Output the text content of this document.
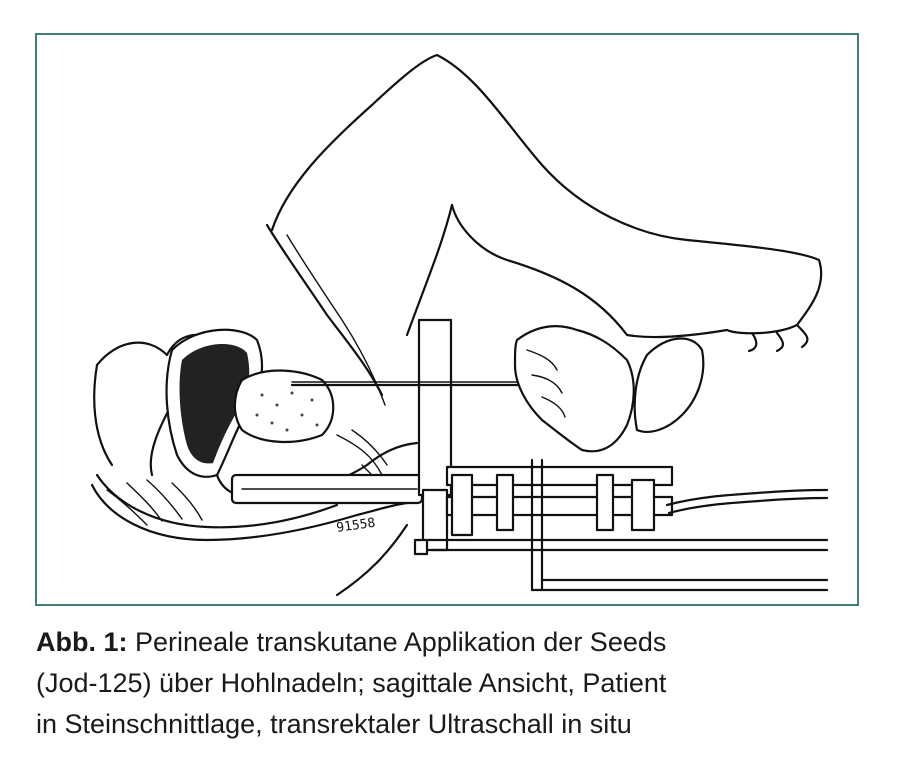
91558

Abb. 1: Perineale transkutane Applikation der Seeds
(Jod-125) über Hohlnadeln; sagittale Ansicht, Patient
in Steinschnittlage, transrektaler Ultraschall in situ
